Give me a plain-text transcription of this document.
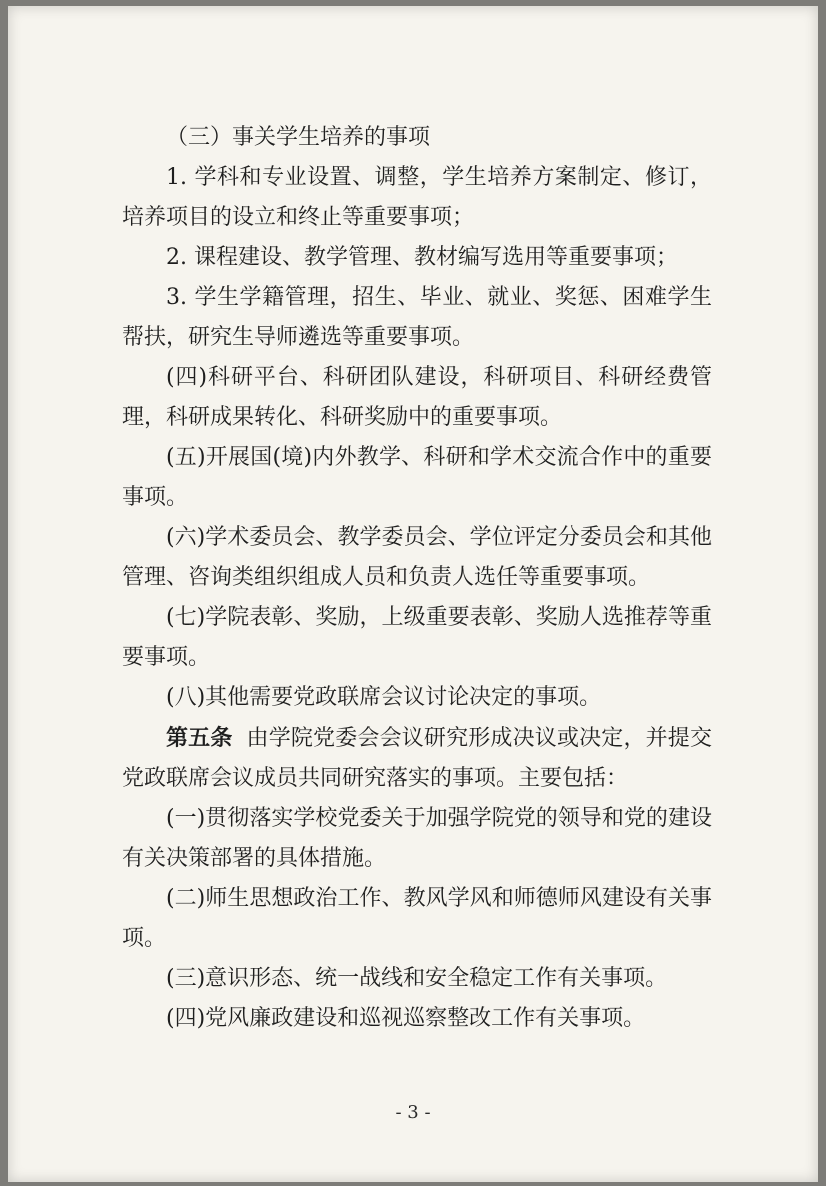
（三）事关学生培养的事项

1. 学科和专业设置、调整，学生培养方案制定、修订，培养项目的设立和终止等重要事项；

2. 课程建设、教学管理、教材编写选用等重要事项；

3. 学生学籍管理，招生、毕业、就业、奖惩、困难学生帮扶，研究生导师遴选等重要事项。

(四)科研平台、科研团队建设，科研项目、科研经费管理，科研成果转化、科研奖励中的重要事项。

(五)开展国(境)内外教学、科研和学术交流合作中的重要事项。

(六)学术委员会、教学委员会、学位评定分委员会和其他管理、咨询类组织组成人员和负责人选任等重要事项。

(七)学院表彰、奖励，上级重要表彰、奖励人选推荐等重要事项。

(八)其他需要党政联席会议讨论决定的事项。

第五条 由学院党委会会议研究形成决议或决定，并提交党政联席会议成员共同研究落实的事项。主要包括：

(一)贯彻落实学校党委关于加强学院党的领导和党的建设有关决策部署的具体措施。

(二)师生思想政治工作、教风学风和师德师风建设有关事项。

(三)意识形态、统一战线和安全稳定工作有关事项。

(四)党风廉政建设和巡视巡察整改工作有关事项。

- 3 -
